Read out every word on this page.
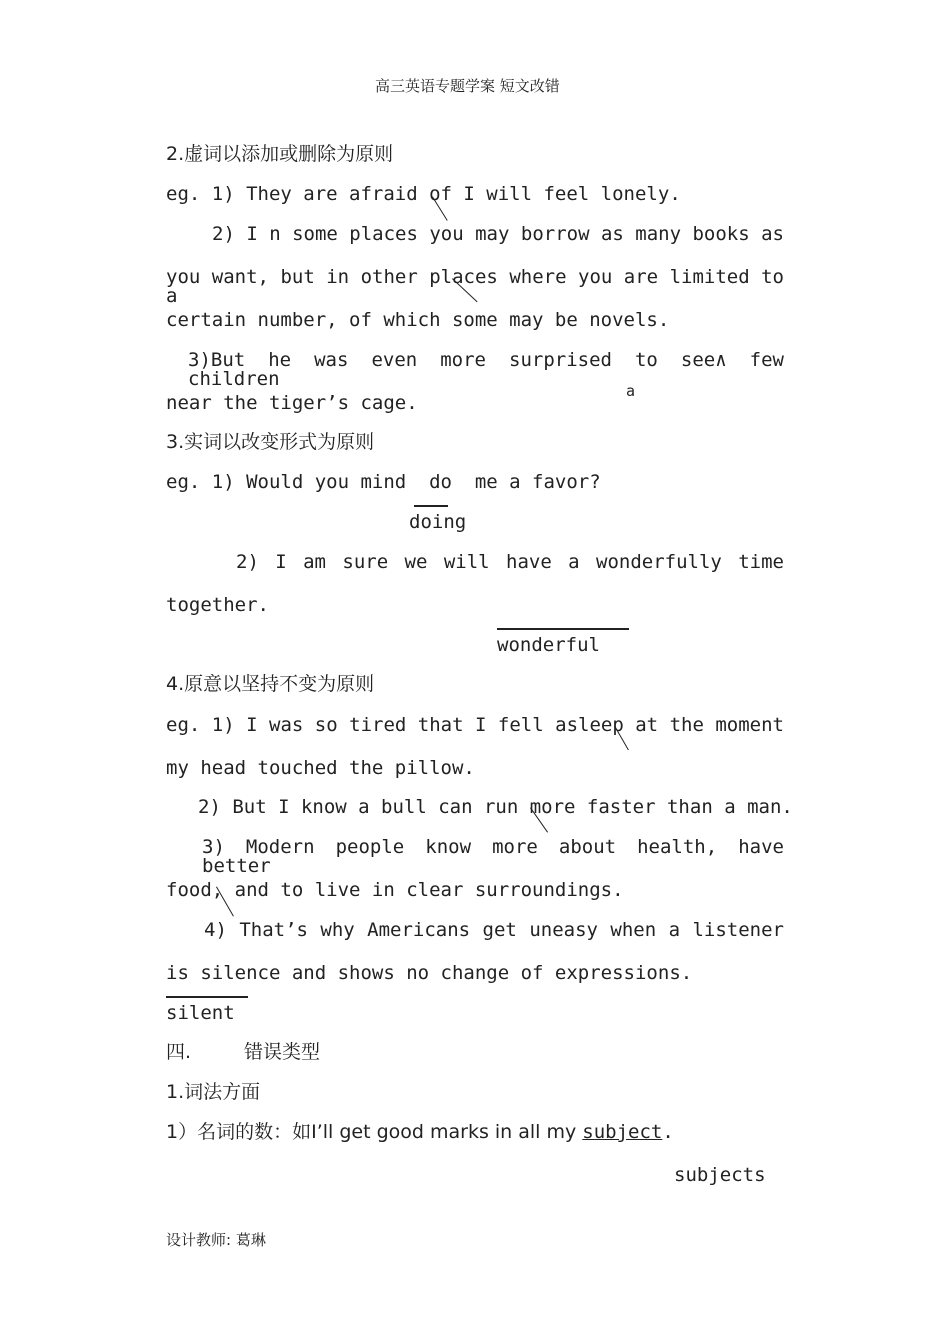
高三英语专题学案 短文改错
2.虚词以添加或删除为原则
eg. 1) They are afraid of I will feel lonely.
2) I n some places you may borrow as many books as
you want, but in other places where you are limited to a
certain number, of which some may be novels.
3)But he was even more surprised to see∧ few children
a
near the tiger’s cage.
3.实词以改变形式为原则
eg. 1) Would you mind  do  me a favor?
doing
2) I am sure we will have a wonderfully time
together.
wonderful
4.原意以坚持不变为原则
eg. 1) I was so tired that I fell asleep at the moment
my head touched the pillow.
2) But I know a bull can run more faster than a man.
3) Modern people know more about health, have better
food, and to live in clear surroundings.
4) That’s why Americans get uneasy when a listener
is silence and shows no change of expressions.
silent
四.	错误类型
1.词法方面
1）名词的数：如I’ll get good marks in all my subject.
subjects
设计教师: 葛琳
